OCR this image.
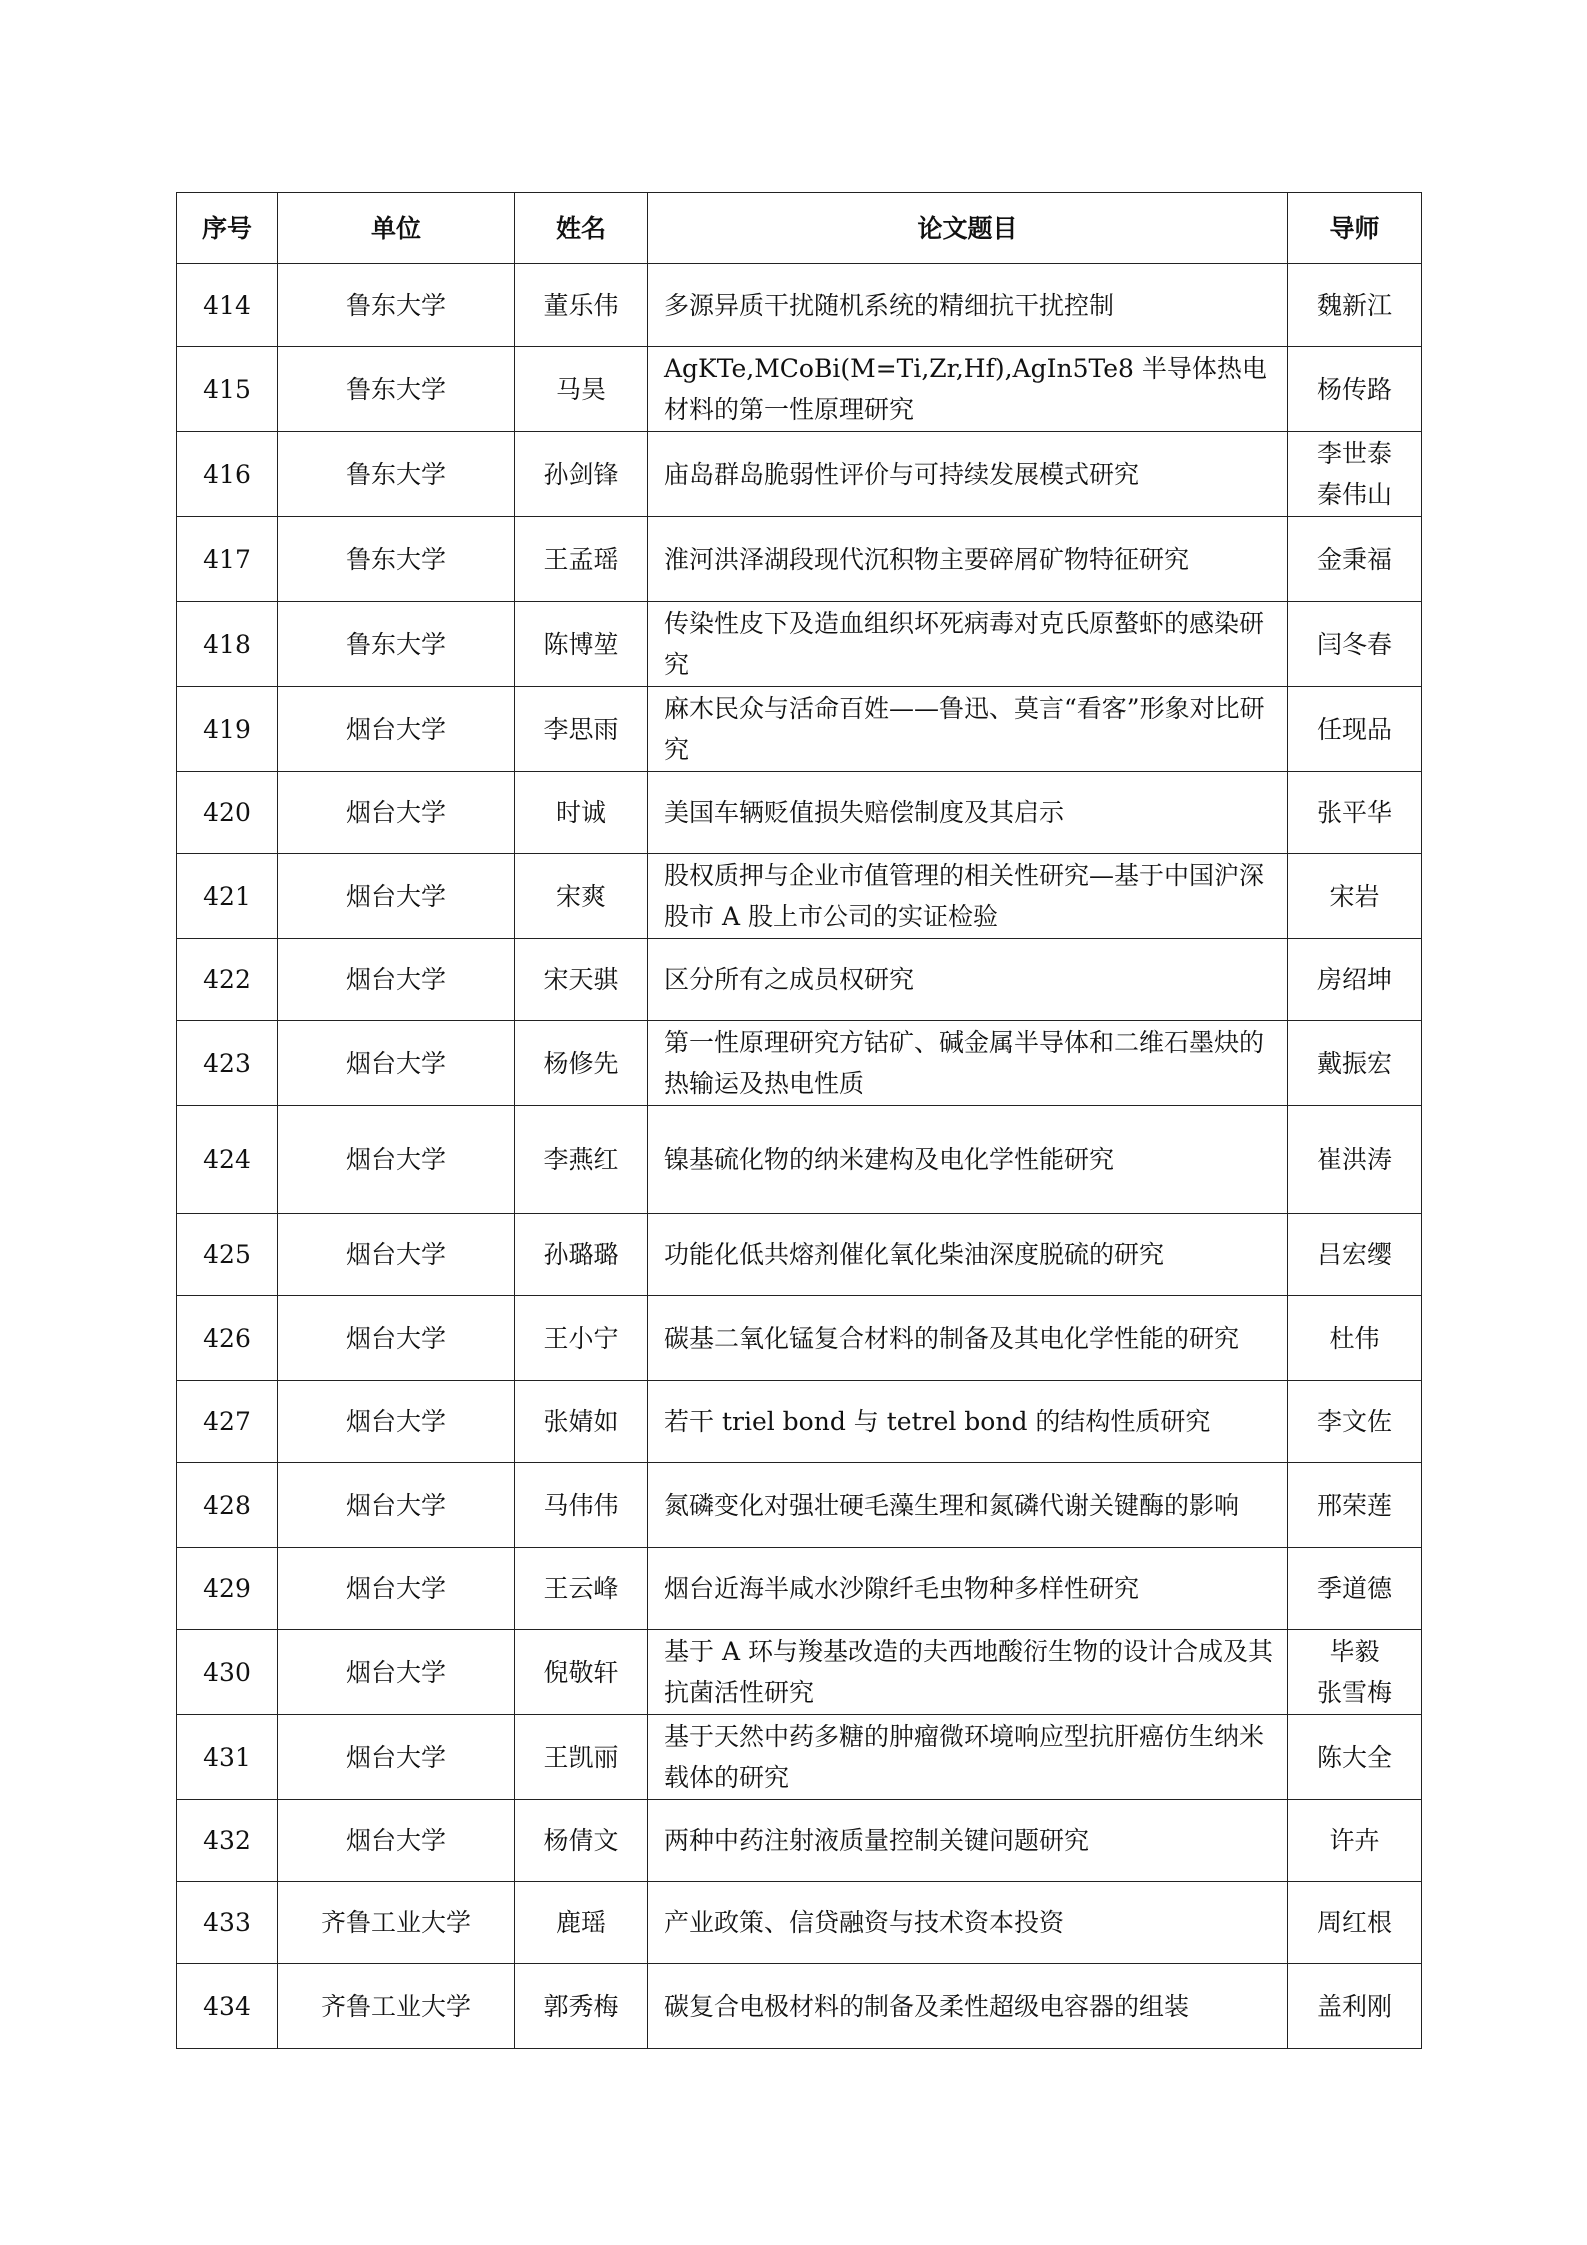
序号	单位	姓名	论文题目	导师
414	鲁东大学	董乐伟	多源异质干扰随机系统的精细抗干扰控制	魏新江

415	鲁东大学	马昊	AgKTe,MCoBi(M=Ti,Zr,Hf),AgIn5Te8 半导体热电材料的第一性原理研究	杨传路

416	鲁东大学	孙剑锋	庙岛群岛脆弱性评价与可持续发展模式研究	李世泰
秦伟山

417	鲁东大学	王孟瑶	淮河洪泽湖段现代沉积物主要碎屑矿物特征研究	金秉福

418	鲁东大学	陈博堃	传染性皮下及造血组织坏死病毒对克氏原螯虾的感染研究	闫冬春

419	烟台大学	李思雨	麻木民众与活命百姓——鲁迅、莫言“看客”形象对比研究	任现品

420	烟台大学	时诚	美国车辆贬值损失赔偿制度及其启示	张平华

421	烟台大学	宋爽	股权质押与企业市值管理的相关性研究—基于中国沪深股市 A 股上市公司的实证检验	宋岩

422	烟台大学	宋天骐	区分所有之成员权研究	房绍坤

423	烟台大学	杨修先	第一性原理研究方钴矿、碱金属半导体和二维石墨炔的热输运及热电性质	戴振宏

424	烟台大学	李燕红	镍基硫化物的纳米建构及电化学性能研究	崔洪涛

425	烟台大学	孙璐璐	功能化低共熔剂催化氧化柴油深度脱硫的研究	吕宏缨

426	烟台大学	王小宁	碳基二氧化锰复合材料的制备及其电化学性能的研究	杜伟

427	烟台大学	张婧如	若干 triel bond 与 tetrel bond 的结构性质研究	李文佐

428	烟台大学	马伟伟	氮磷变化对强壮硬毛藻生理和氮磷代谢关键酶的影响	邢荣莲

429	烟台大学	王云峰	烟台近海半咸水沙隙纤毛虫物种多样性研究	季道德

430	烟台大学	倪敬轩	基于 A 环与羧基改造的夫西地酸衍生物的设计合成及其抗菌活性研究	毕毅
张雪梅

431	烟台大学	王凯丽	基于天然中药多糖的肿瘤微环境响应型抗肝癌仿生纳米载体的研究	陈大全

432	烟台大学	杨倩文	两种中药注射液质量控制关键问题研究	许卉

433	齐鲁工业大学	鹿瑶	产业政策、信贷融资与技术资本投资	周红根

434	齐鲁工业大学	郭秀梅	碳复合电极材料的制备及柔性超级电容器的组装	盖利刚
